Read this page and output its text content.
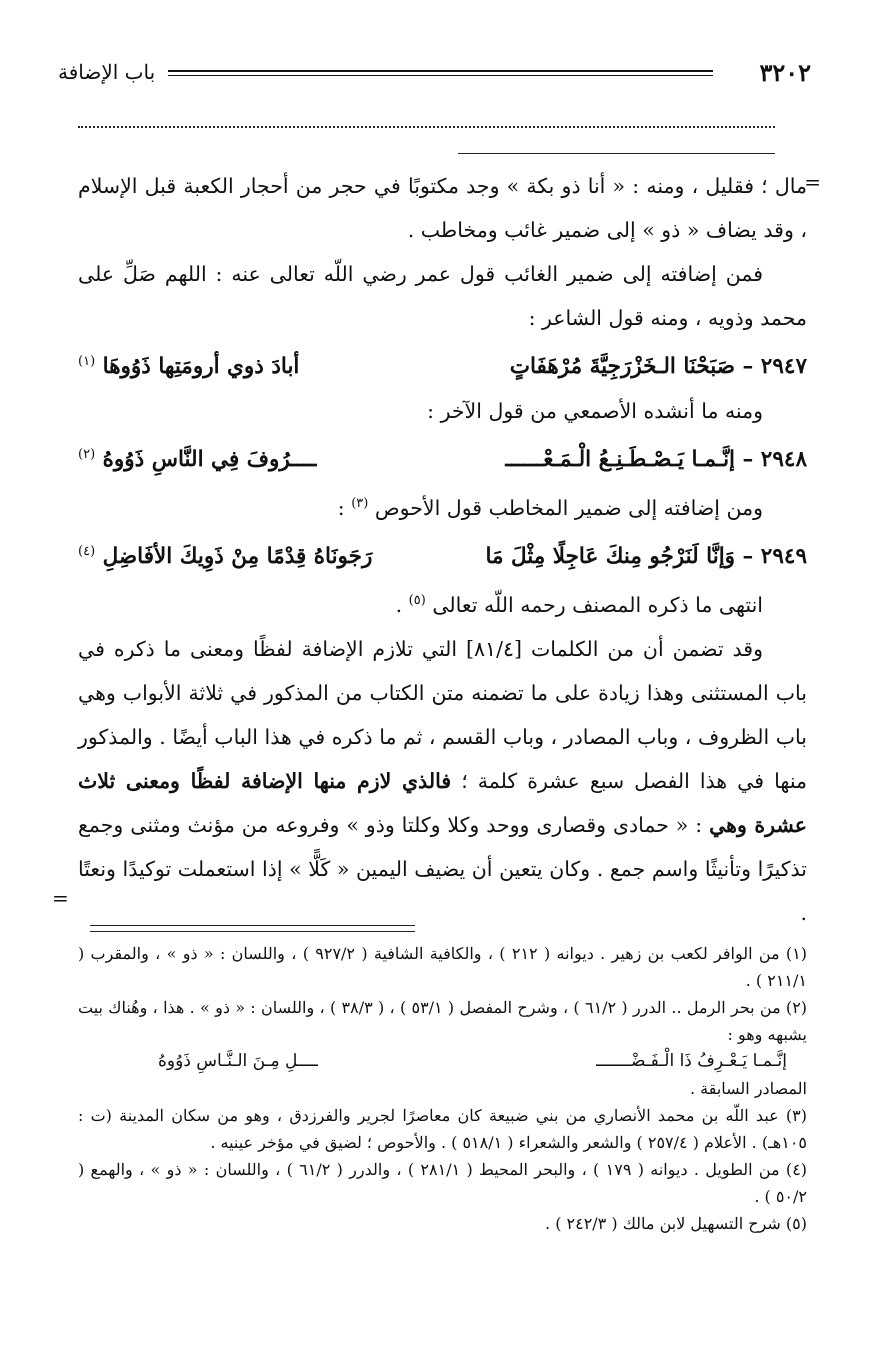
٣٢٠٢
باب الإضافة
=

مال ؛ فقليل ، ومنه : « أنا ذو بكة » وجد مكتوبًا في حجر من أحجار الكعبة قبل الإسلام ، وقد يضاف « ذو » إلى ضمير غائب ومخاطب .

فمن إضافته إلى ضمير الغائب قول عمر رضي اللّه تعالى عنه : اللهم صَلِّ على محمد وذويه ، ومنه قول الشاعر :

٢٩٤٧ – صَبَحْنَا الـخَزْرَجِيَّةَ مُرْهَفَاتٍ
أبادَ ذوي أرومَتِها ذَوُوهَا $^{(١)}$

ومنه ما أنشده الأصمعي من قول الآخر :

٢٩٤٨ – إنَّـمـا يَـصْـطَـنِـعُ الْـمَـعْــــــ
ــــرُوفَ فِي النَّاسِ ذَوُوهُ $^{(٢)}$

ومن إضافته إلى ضمير المخاطب قول الأحوص $^{(٣)}$ :

٢٩٤٩ – وَإنَّا لَنَرْجُو مِنكَ عَاجِلًا مِثْلَ مَا
رَجَونَاهُ قِدْمًا مِنْ ذَوِيكَ الأفَاضِلِ $^{(٤)}$

انتهى ما ذكره المصنف رحمه اللّه تعالى $^{(٥)}$ .

وقد تضمن أن من الكلمات [٨١/٤] التي تلازم الإضافة لفظًا ومعنى ما ذكره في باب المستثنى وهذا زيادة على ما تضمنه متن الكتاب من المذكور في ثلاثة الأبواب وهي باب الظروف ، وباب المصادر ، وباب القسم ، ثم ما ذكره في هذا الباب أيضًا . والمذكور منها في هذا الفصل سبع عشرة كلمة ؛ فالذي لازم منها الإضافة لفظًا ومعنى ثلاث عشرة وهي : « حمادى وقصارى ووحد وكلا وكلتا وذو » وفروعه من مؤنث ومثنى وجمع تذكيرًا وتأنيثًا واسم جمع . وكان يتعين أن يضيف اليمين « كَلًّا » إذا استعملت توكيدًا ونعتًا .

=

(١) من الوافر لكعب بن زهير . ديوانه ( ٢١٢ ) ، والكافية الشافية ( ٩٢٧/٢ ) ، واللسان : « ذو » ، والمقرب ( ٢١١/١ ) .

(٢) من بحر الرمل .. الدرر ( ٦١/٢ ) ، وشرح المفصل ( ٥٣/١ ) ، ( ٣٨/٣ ) ، واللسان : « ذو » . هذا ، وهُناك بيت يشبهه وهو :

إنَّـمـا يَـعْـرِفُ ذَا الْـفَـضْـــــــ
ــــلِ مِـنَ الـنَّـاسِ ذَوُوهُ

المصادر السابقة .

(٣) عبد اللّه بن محمد الأنصاري من بني ضبيعة كان معاصرًا لجرير والفرزدق ، وهو من سكان المدينة (ت : ١٠٥هـ) . الأعلام ( ٢٥٧/٤ ) والشعر والشعراء ( ٥١٨/١ ) . والأحوص ؛ لضيق في مؤخر عينيه .

(٤) من الطويل . ديوانه ( ١٧٩ ) ، والبحر المحيط ( ٢٨١/١ ) ، والدرر ( ٦١/٢ ) ، واللسان : « ذو » ، والهمع ( ٥٠/٢ ) .

(٥) شرح التسهيل لابن مالك ( ٢٤٢/٣ ) .
